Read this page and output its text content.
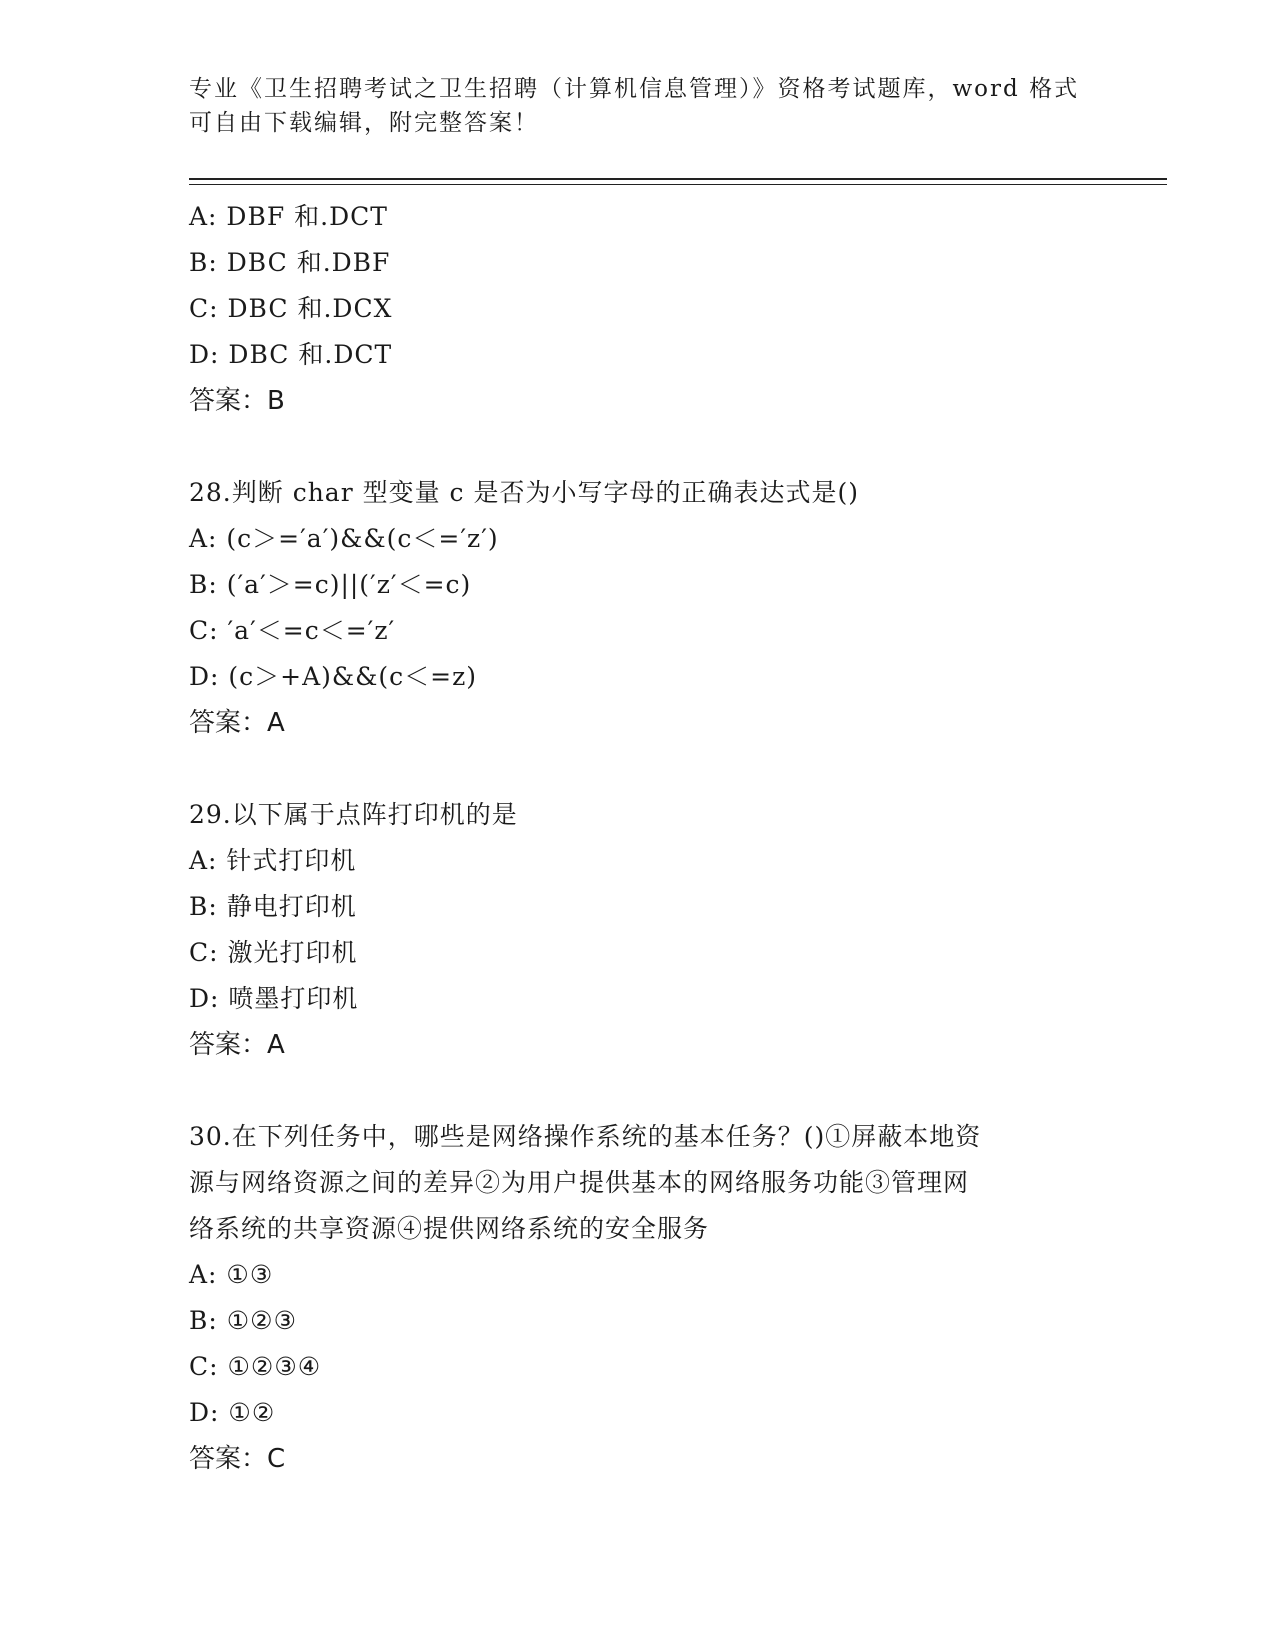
专业《卫生招聘考试之卫生招聘（计算机信息管理）》资格考试题库，word 格式
可自由下载编辑，附完整答案！
A: DBF 和.DCT
B: DBC 和.DBF
C: DBC 和.DCX
D: DBC 和.DCT
答案：B
28.判断 char 型变量 c 是否为小写字母的正确表达式是()
A: (c＞=′a′)&&(c＜=′z′)
B: (′a′＞=c)||(′z′＜=c)
C: ′a′＜=c＜=′z′
D: (c＞+A)&&(c＜=z)
答案：A
29.以下属于点阵打印机的是
A: 针式打印机
B: 静电打印机
C: 激光打印机
D: 喷墨打印机
答案：A
30.在下列任务中，哪些是网络操作系统的基本任务？()①屏蔽本地资
源与网络资源之间的差异②为用户提供基本的网络服务功能③管理网
络系统的共享资源④提供网络系统的安全服务
A: ①③
B: ①②③
C: ①②③④
D: ①②
答案：C
